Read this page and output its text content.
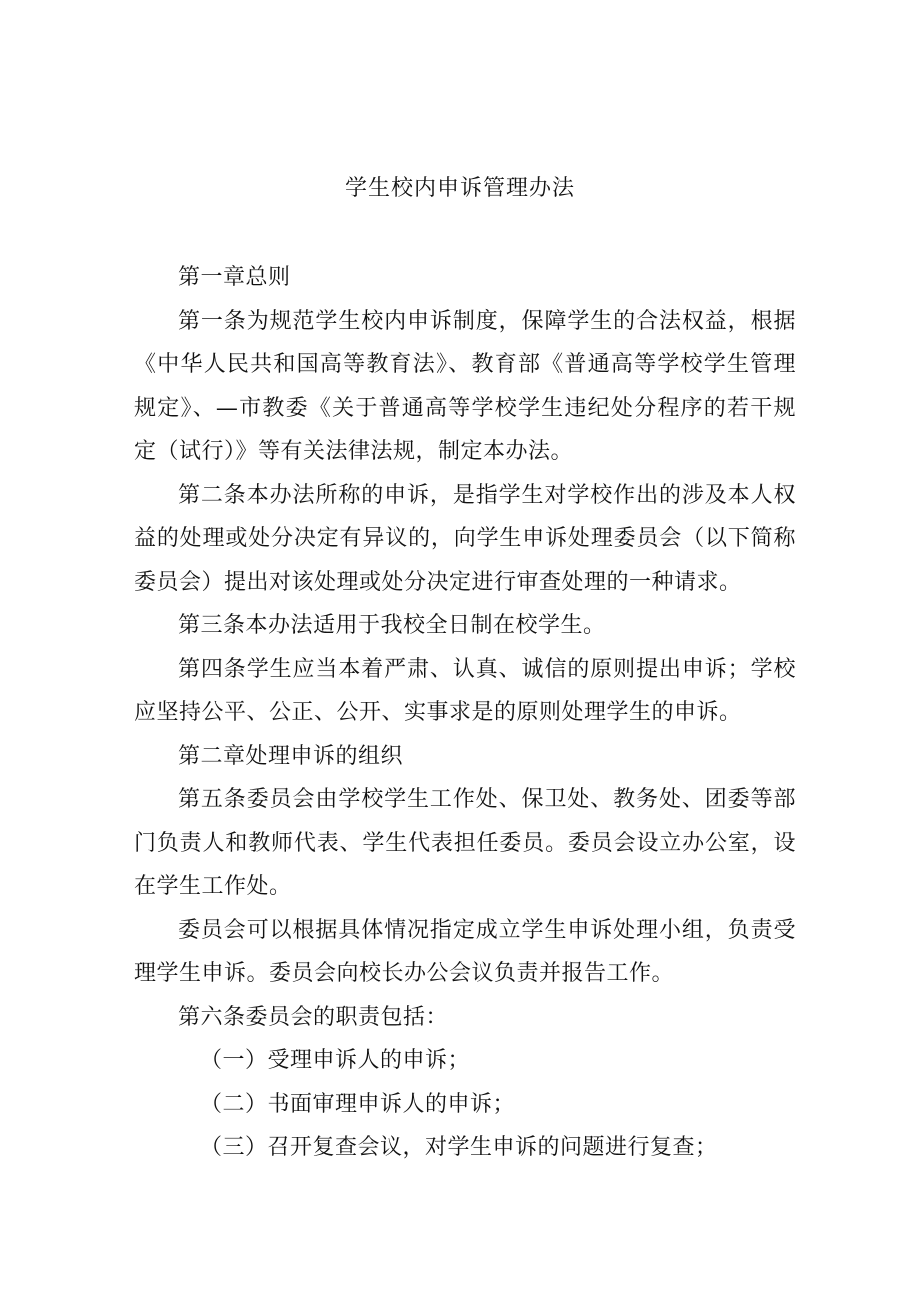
学生校内申诉管理办法

第一章总则

第一条为规范学生校内申诉制度，保障学生的合法权益，根据《中华人民共和国高等教育法》、教育部《普通高等学校学生管理规定》、—市教委《关于普通高等学校学生违纪处分程序的若干规定（试行）》等有关法律法规，制定本办法。

第二条本办法所称的申诉，是指学生对学校作出的涉及本人权益的处理或处分决定有异议的，向学生申诉处理委员会（以下简称委员会）提出对该处理或处分决定进行审查处理的一种请求。

第三条本办法适用于我校全日制在校学生。

第四条学生应当本着严肃、认真、诚信的原则提出申诉；学校应坚持公平、公正、公开、实事求是的原则处理学生的申诉。

第二章处理申诉的组织

第五条委员会由学校学生工作处、保卫处、教务处、团委等部门负责人和教师代表、学生代表担任委员。委员会设立办公室，设在学生工作处。

委员会可以根据具体情况指定成立学生申诉处理小组，负责受理学生申诉。委员会向校长办公会议负责并报告工作。

第六条委员会的职责包括：

（一）受理申诉人的申诉；

（二）书面审理申诉人的申诉；

（三）召开复查会议，对学生申诉的问题进行复查；
